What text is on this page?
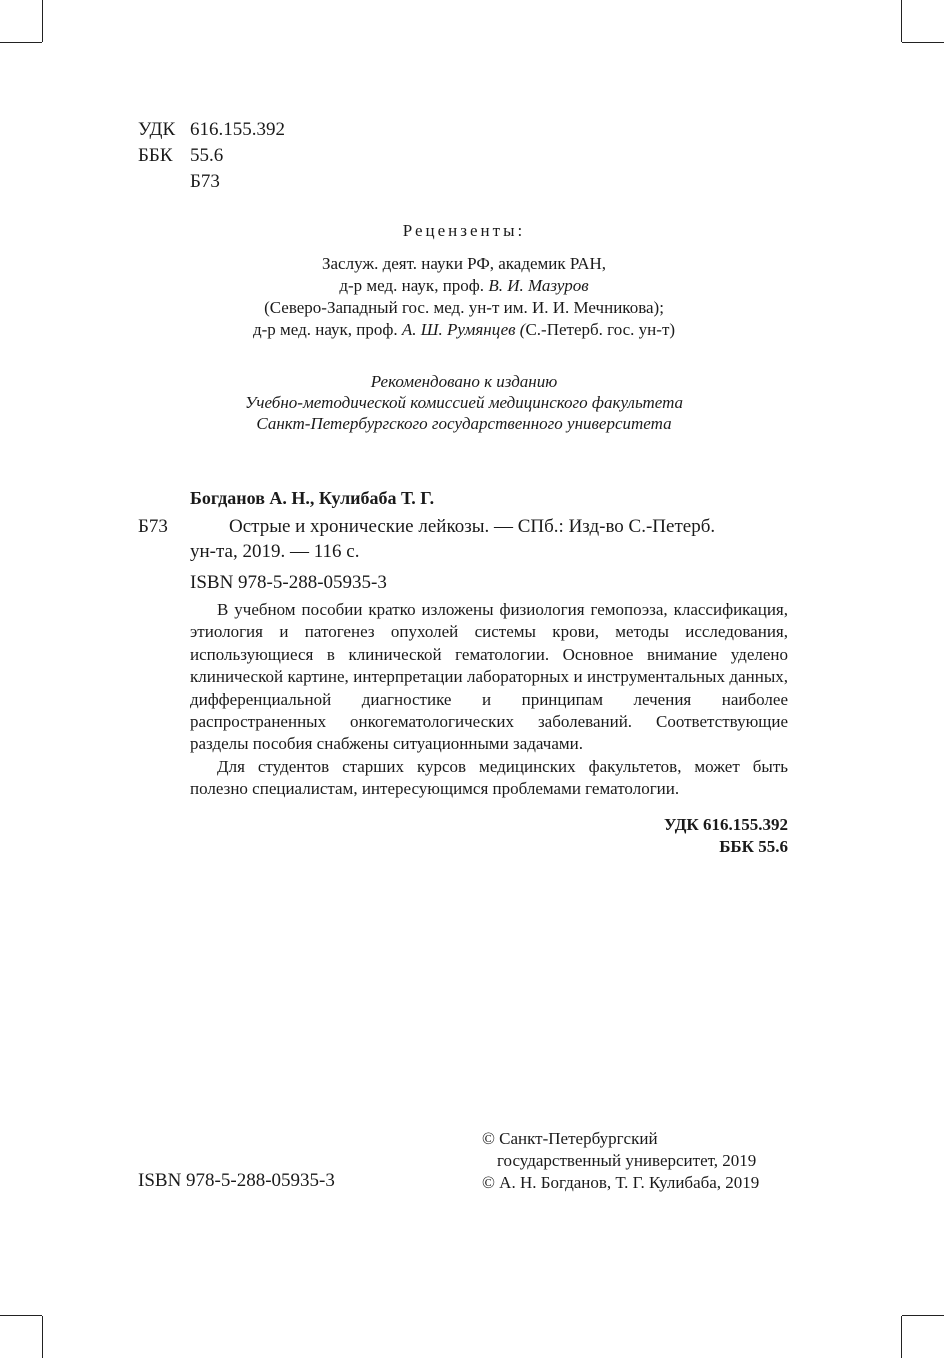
УДК 616.155.392
ББК 55.6
Б73
Рецензенты:
Заслуж. деят. науки РФ, академик РАН,
д-р мед. наук, проф. В. И. Мазуров
(Северо-Западный гос. мед. ун-т им. И. И. Мечникова);
д-р мед. наук, проф. А. Ш. Румянцев (С.-Петерб. гос. ун-т)
Рекомендовано к изданию
Учебно-методической комиссией медицинского факультета
Санкт-Петербургского государственного университета
Богданов А. Н., Кулибаба Т. Г.
Б73	Острые и хронические лейкозы. — СПб.: Изд-во С.-Петерб.
ун-та, 2019. — 116 с.
ISBN 978-5-288-05935-3

В учебном пособии кратко изложены физиология гемопоэза, классификация, этиология и патогенез опухолей системы крови, методы исследования, использующиеся в клинической гематологии. Основное внимание уделено клинической картине, интерпретации лабораторных и инструментальных данных, дифференциальной диагностике и принципам лечения наиболее распространенных онкогематологических заболеваний. Соответствующие разделы пособия снабжены ситуационными задачами.

Для студентов старших курсов медицинских факультетов, может быть полезно специалистам, интересующимся проблемами гематологии.

УДК 616.155.392
ББК 55.6
ISBN 978-5-288-05935-3
© Санкт-Петербургский
государственный университет, 2019
© А. Н. Богданов, Т. Г. Кулибаба, 2019
